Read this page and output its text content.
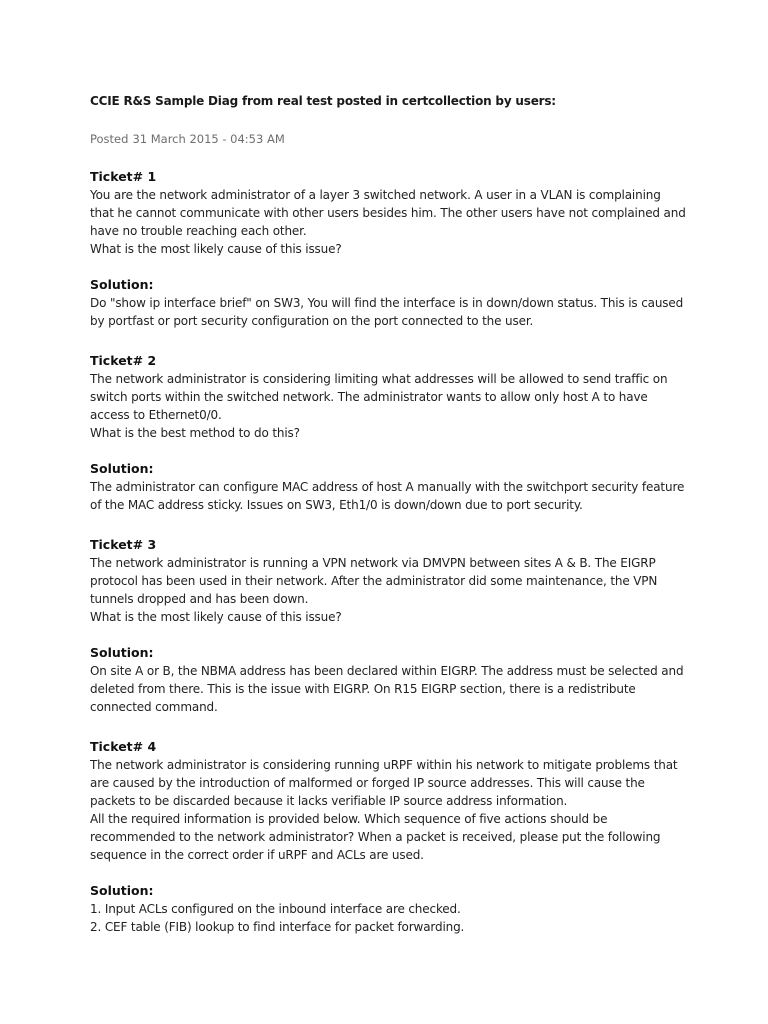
CCIE R&S Sample Diag from real test posted in certcollection by users:
Posted 31 March 2015 - 04:53 AM
Ticket# 1
You are the network administrator of a layer 3 switched network. A user in a VLAN is complaining
that he cannot communicate with other users besides him. The other users have not complained and
have no trouble reaching each other.
What is the most likely cause of this issue?
Solution:
Do "show ip interface brief" on SW3, You will find the interface is in down/down status. This is caused
by portfast or port security configuration on the port connected to the user.
Ticket# 2
The network administrator is considering limiting what addresses will be allowed to send traffic on
switch ports within the switched network. The administrator wants to allow only host A to have
access to Ethernet0/0.
What is the best method to do this?
Solution:
The administrator can configure MAC address of host A manually with the switchport security feature
of the MAC address sticky. Issues on SW3, Eth1/0 is down/down due to port security.
Ticket# 3
The network administrator is running a VPN network via DMVPN between sites A & B. The EIGRP
protocol has been used in their network. After the administrator did some maintenance, the VPN
tunnels dropped and has been down.
What is the most likely cause of this issue?
Solution:
On site A or B, the NBMA address has been declared within EIGRP. The address must be selected and
deleted from there. This is the issue with EIGRP. On R15 EIGRP section, there is a redistribute
connected command.
Ticket# 4
The network administrator is considering running uRPF within his network to mitigate problems that
are caused by the introduction of malformed or forged IP source addresses. This will cause the
packets to be discarded because it lacks verifiable IP source address information.
All the required information is provided below. Which sequence of five actions should be
recommended to the network administrator? When a packet is received, please put the following
sequence in the correct order if uRPF and ACLs are used.
Solution:
1. Input ACLs configured on the inbound interface are checked.
2. CEF table (FIB) lookup to find interface for packet forwarding.
